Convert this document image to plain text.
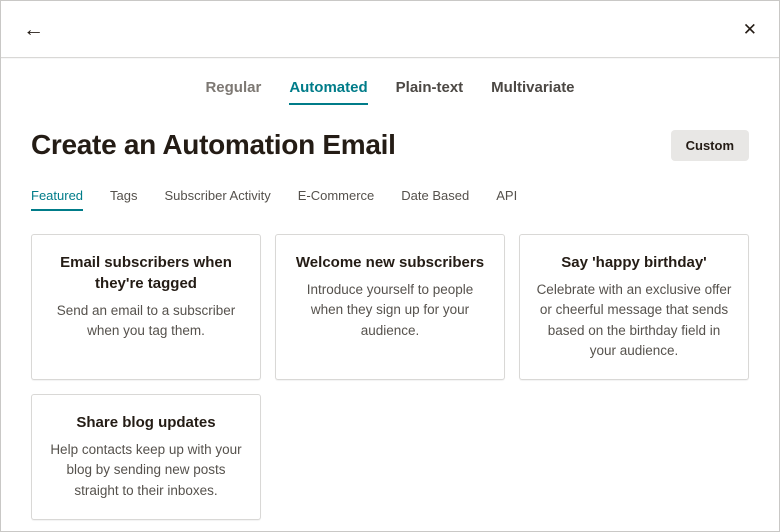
←	✕
Regular Automated Plain-text Multivariate
Create an Automation Email	Custom
Featured Tags Subscriber Activity E-Commerce Date Based API
Email subscribers when they're tagged
Send an email to a subscriber when you tag them.
Welcome new subscribers
Introduce yourself to people when they sign up for your audience.
Say 'happy birthday'
Celebrate with an exclusive offer or cheerful message that sends based on the birthday field in your audience.
Share blog updates
Help contacts keep up with your blog by sending new posts straight to their inboxes.
